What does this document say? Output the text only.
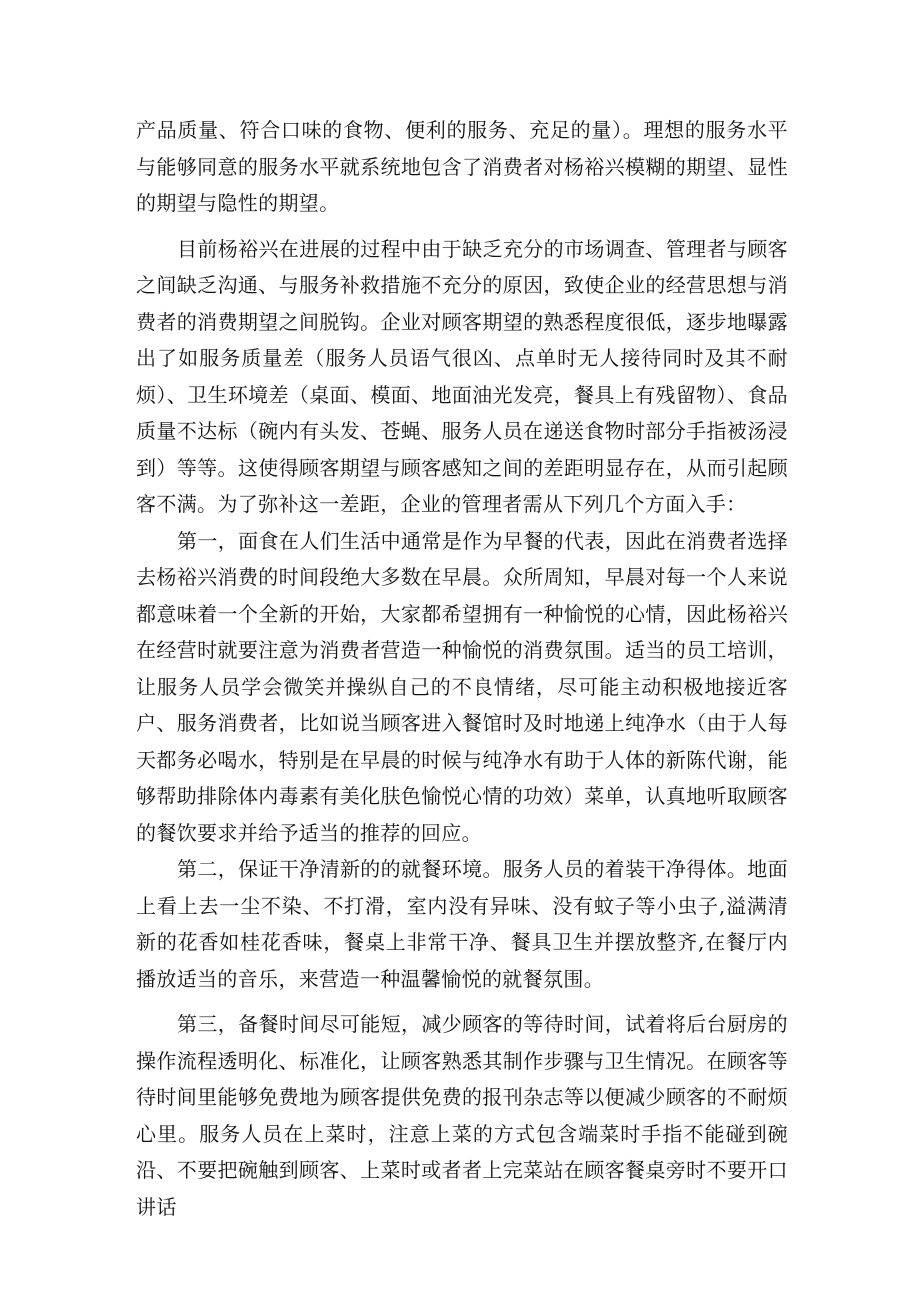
产品质量、符合口味的食物、便利的服务、充足的量）。理想的服务水平与能够同意的服务水平就系统地包含了消费者对杨裕兴模糊的期望、显性的期望与隐性的期望。

目前杨裕兴在进展的过程中由于缺乏充分的市场调查、管理者与顾客之间缺乏沟通、与服务补救措施不充分的原因，致使企业的经营思想与消费者的消费期望之间脱钩。企业对顾客期望的熟悉程度很低，逐步地曝露出了如服务质量差（服务人员语气很凶、点单时无人接待同时及其不耐烦）、卫生环境差（桌面、模面、地面油光发亮，餐具上有残留物）、食品质量不达标（碗内有头发、苍蝇、服务人员在递送食物时部分手指被汤浸到）等等。这使得顾客期望与顾客感知之间的差距明显存在，从而引起顾客不满。为了弥补这一差距，企业的管理者需从下列几个方面入手：

第一，面食在人们生活中通常是作为早餐的代表，因此在消费者选择去杨裕兴消费的时间段绝大多数在早晨。众所周知，早晨对每一个人来说都意味着一个全新的开始，大家都希望拥有一种愉悦的心情，因此杨裕兴在经营时就要注意为消费者营造一种愉悦的消费氛围。适当的员工培训，让服务人员学会微笑并操纵自己的不良情绪，尽可能主动积极地接近客户、服务消费者，比如说当顾客进入餐馆时及时地递上纯净水（由于人每天都务必喝水，特别是在早晨的时候与纯净水有助于人体的新陈代谢，能够帮助排除体内毒素有美化肤色愉悦心情的功效）菜单，认真地听取顾客的餐饮要求并给予适当的推荐的回应。

第二，保证干净清新的的就餐环境。服务人员的着装干净得体。地面上看上去一尘不染、不打滑，室内没有异味、没有蚊子等小虫子,溢满清新的花香如桂花香味，餐桌上非常干净、餐具卫生并摆放整齐,在餐厅内播放适当的音乐，来营造一种温馨愉悦的就餐氛围。

第三，备餐时间尽可能短，减少顾客的等待时间，试着将后台厨房的操作流程透明化、标准化，让顾客熟悉其制作步骤与卫生情况。在顾客等待时间里能够免费地为顾客提供免费的报刊杂志等以便减少顾客的不耐烦心里。服务人员在上菜时，注意上菜的方式包含端菜时手指不能碰到碗沿、不要把碗触到顾客、上菜时或者者上完菜站在顾客餐桌旁时不要开口讲话
